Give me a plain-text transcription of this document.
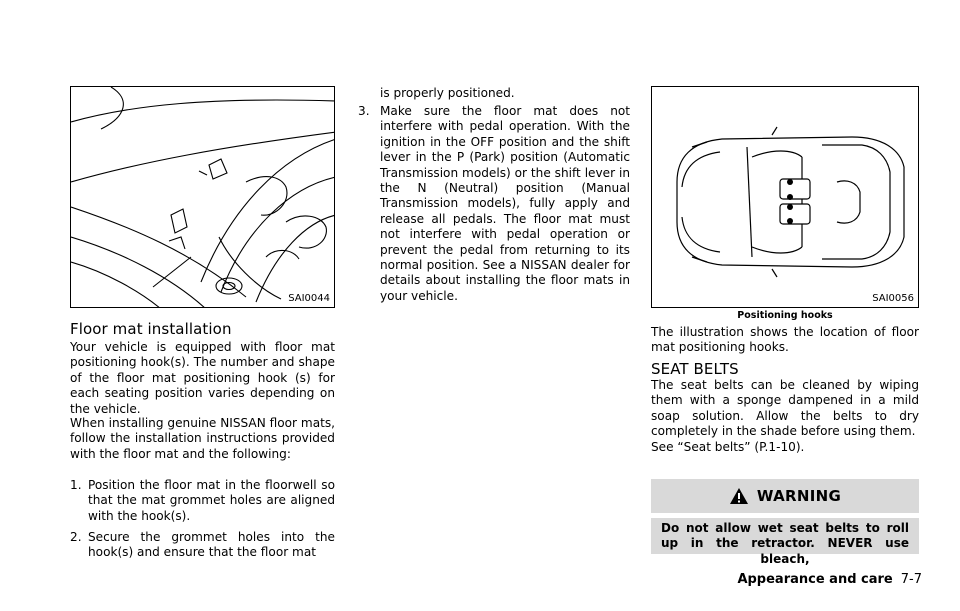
SAI0044
Floor mat installation

Your vehicle is equipped with floor mat positioning hook(s). The number and shape of the floor mat positioning hook (s) for each seating position varies depending on the vehicle.

When installing genuine NISSAN floor mats, follow the installation instructions provided with the floor mat and the following:

1. Position the floor mat in the floorwell so that the mat grommet holes are aligned with the hook(s).
2. Secure the grommet holes into the hook(s) and ensure that the floor mat
is properly positioned.
3. Make sure the floor mat does not interfere with pedal operation. With the ignition in the OFF position and the shift lever in the P (Park) position (Automatic Transmission models) or the shift lever in the N (Neutral) position (Manual Transmission models), fully apply and release all pedals. The floor mat must not interfere with pedal operation or prevent the pedal from returning to its normal position. See a NISSAN dealer for details about installing the floor mats in your vehicle.	SAI0056
Positioning hooks

The illustration shows the location of floor mat positioning hooks.

SEAT BELTS

The seat belts can be cleaned by wiping them with a sponge dampened in a mild soap solution. Allow the belts to dry completely in the shade before using them.

See “Seat belts” (P.1-10).

WARNING
Do not allow wet seat belts to roll up in the retractor. NEVER use bleach,
Appearance and care 7-7
